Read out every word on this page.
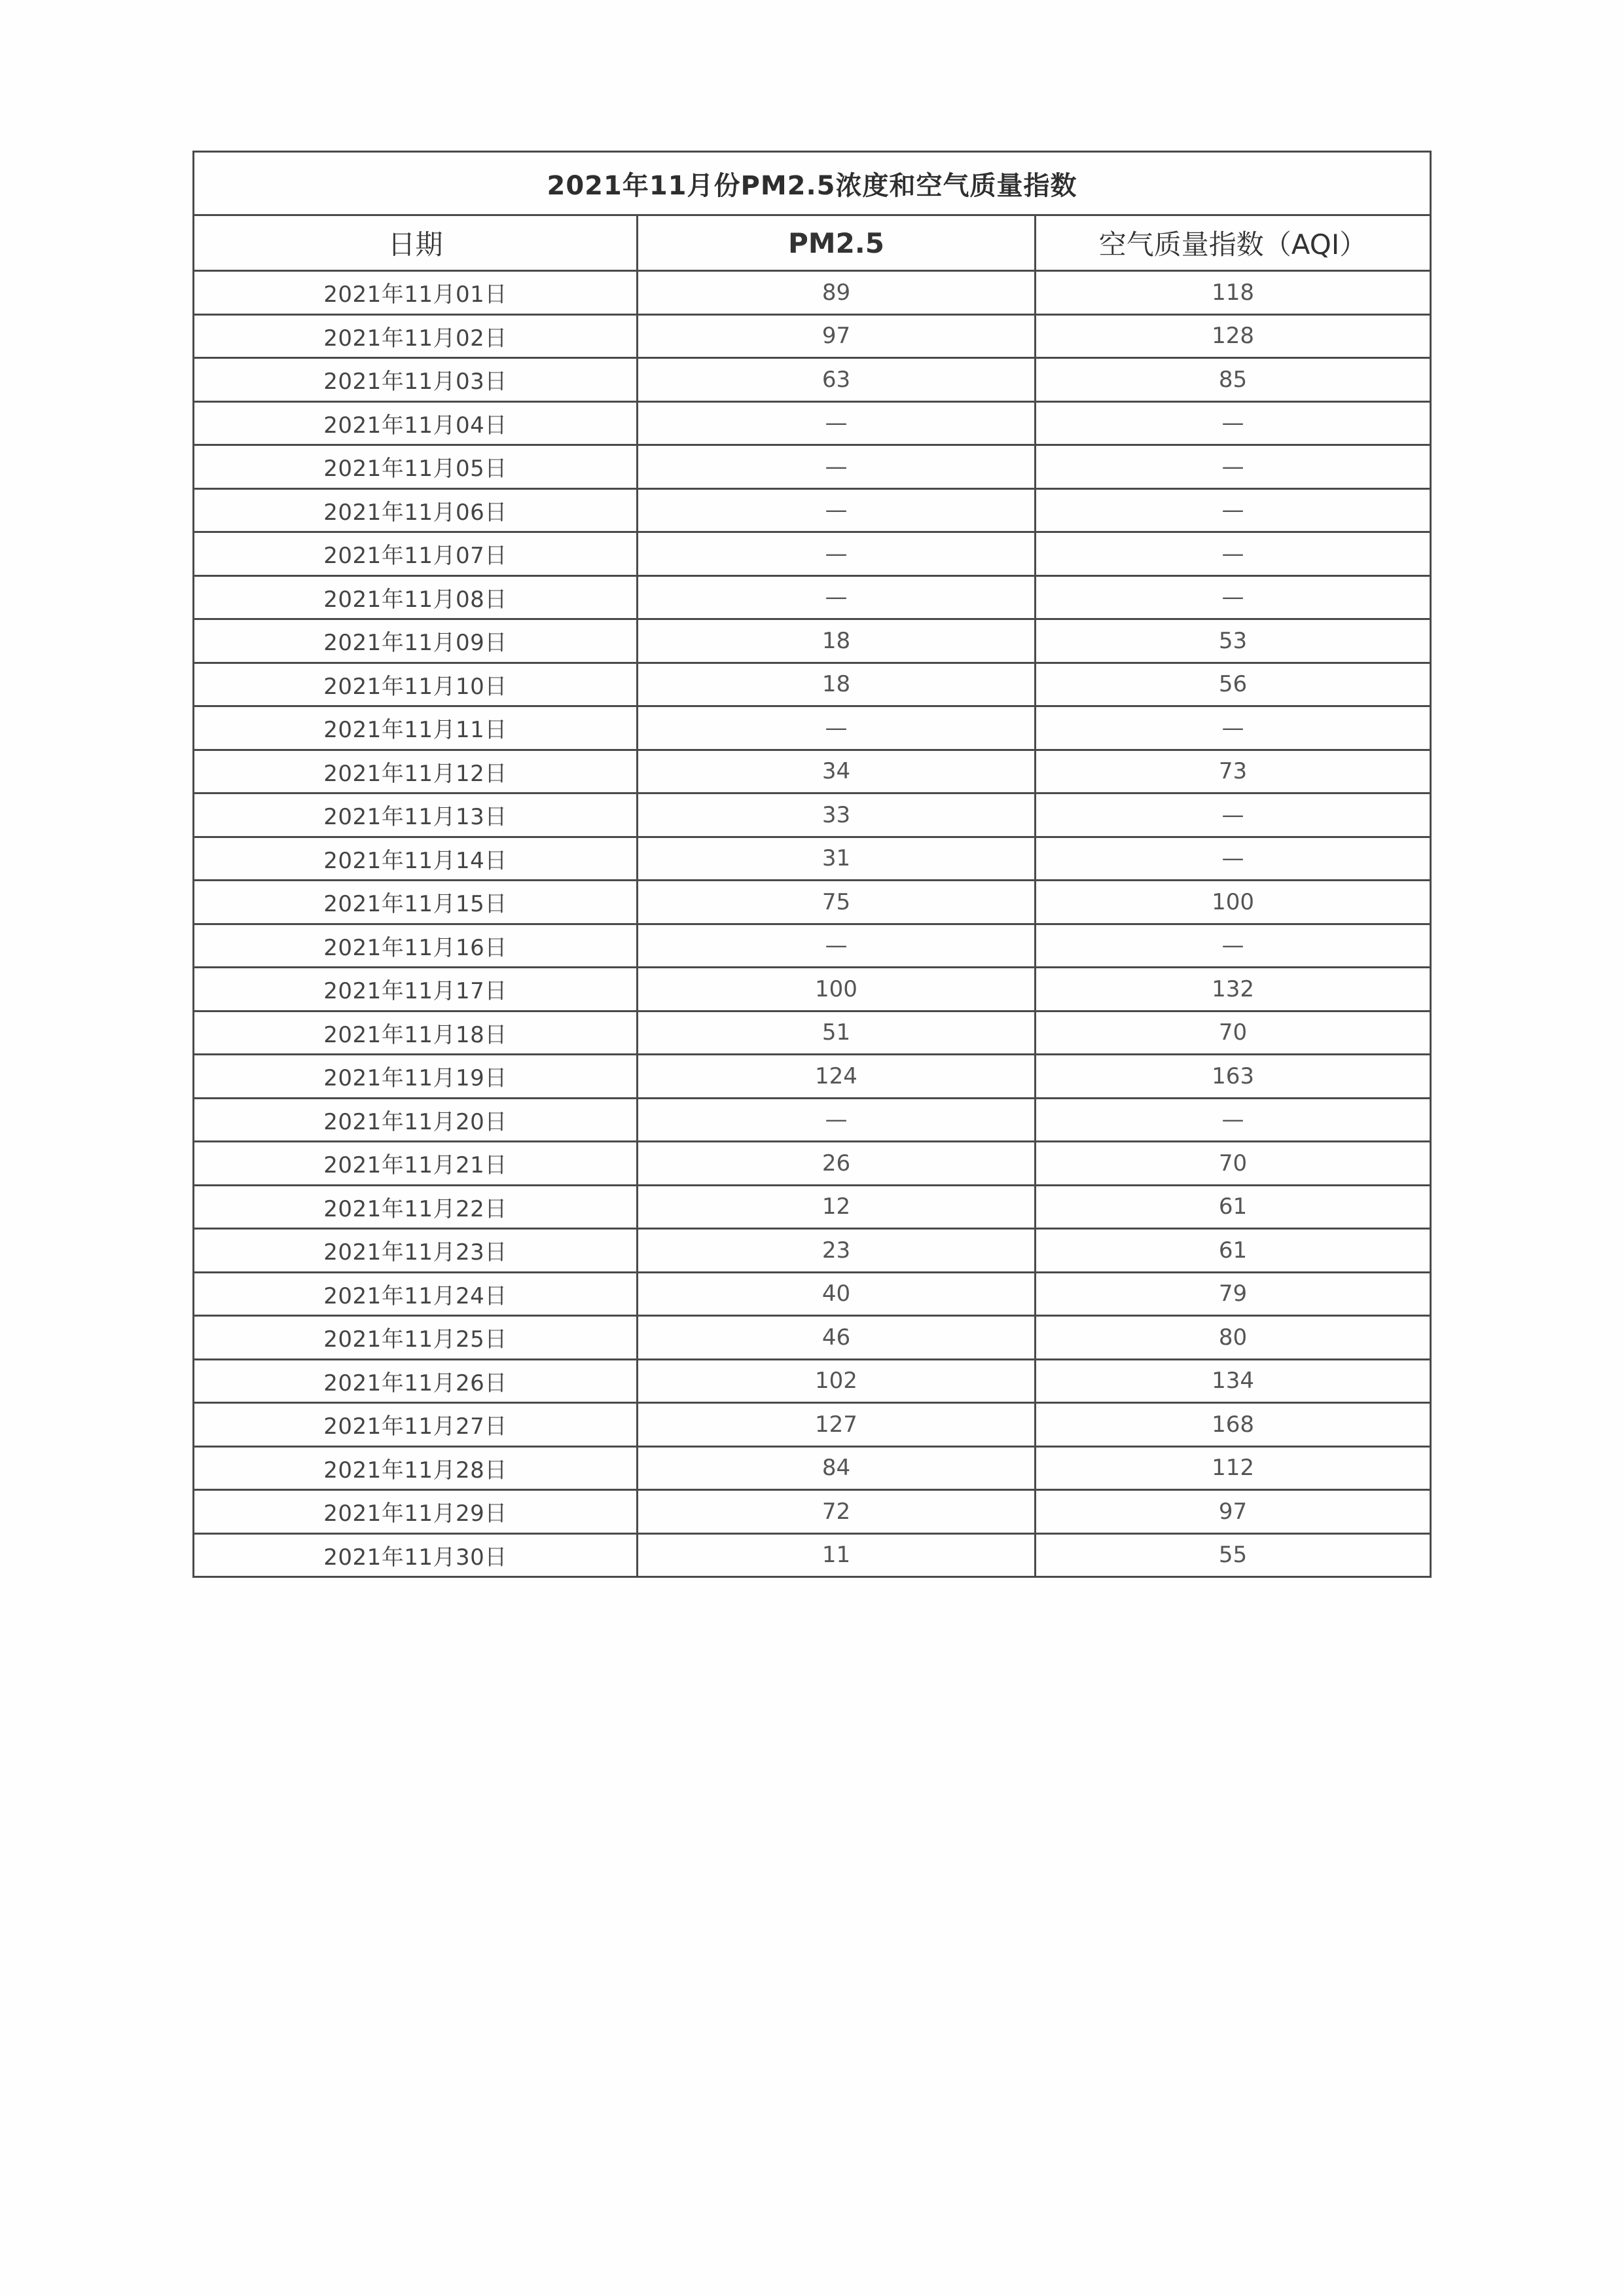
2021年11月份PM2.5浓度和空气质量指数		
日期	PM2.5	空气质量指数（AQI）
2021年11月01日	89	118
2021年11月02日	97	128
2021年11月03日	63	85
2021年11月04日	—	—
2021年11月05日	—	—
2021年11月06日	—	—
2021年11月07日	—	—
2021年11月08日	—	—
2021年11月09日	18	53
2021年11月10日	18	56
2021年11月11日	—	—
2021年11月12日	34	73
2021年11月13日	33	—
2021年11月14日	31	—
2021年11月15日	75	100
2021年11月16日	—	—
2021年11月17日	100	132
2021年11月18日	51	70
2021年11月19日	124	163
2021年11月20日	—	—
2021年11月21日	26	70
2021年11月22日	12	61
2021年11月23日	23	61
2021年11月24日	40	79
2021年11月25日	46	80
2021年11月26日	102	134
2021年11月27日	127	168
2021年11月28日	84	112
2021年11月29日	72	97
2021年11月30日	11	55
